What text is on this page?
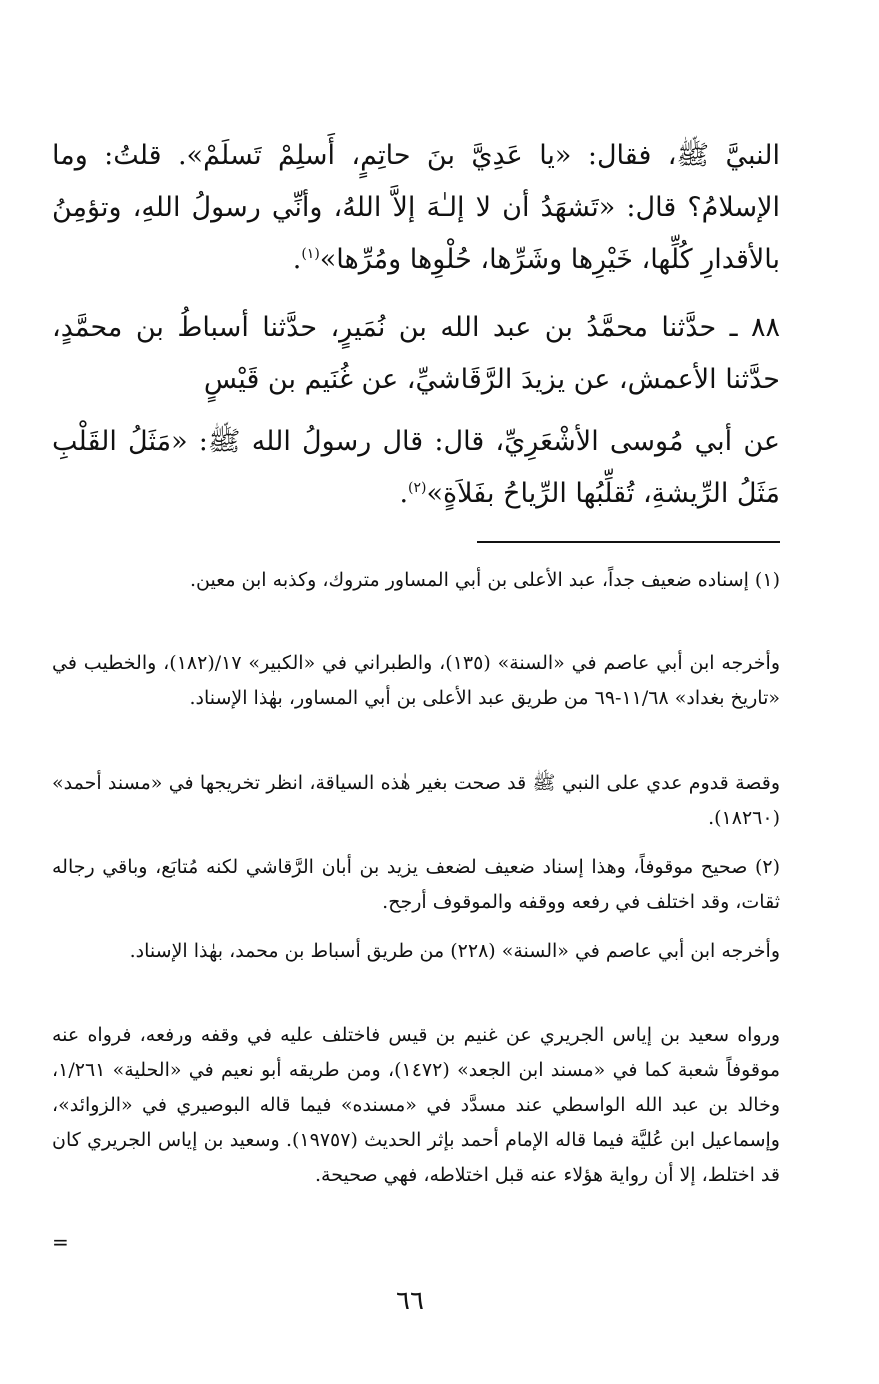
النبيَّ ﷺ، فقال: «يا عَدِيَّ بنَ حاتِمٍ، أَسلِمْ تَسلَمْ». قلتُ: وما الإسلامُ؟ قال: «تَشهَدُ أن لا إلـٰهَ إلاَّ اللهُ، وأنِّي رسولُ اللهِ، وتؤمِنُ بالأقدارِ كُلِّها، خَيْرِها وشَرِّها، حُلْوِها ومُرِّها»$^{(١)}$.
٨٨ ـ حدَّثنا محمَّدُ بن عبد الله بن نُمَيرٍ، حدَّثنا أسباطُ بن محمَّدٍ، حدَّثنا الأعمش، عن يزيدَ الرَّقَاشيِّ، عن غُنَيم بن قَيْسٍ
عن أبي مُوسى الأشْعَرِيِّ، قال: قال رسولُ الله ﷺ: «مَثَلُ القَلْبِ مَثَلُ الرِّيشةِ، تُقلِّبُها الرِّياحُ بفَلاَةٍ»$^{(٢)}$.
(١) إسناده ضعيف جداً، عبد الأعلى بن أبي المساور متروك، وكذبه ابن معين.
وأخرجه ابن أبي عاصم في «السنة» (١٣٥)، والطبراني في «الكبير» ١٧/(١٨٢)، والخطيب في «تاريخ بغداد» ١١/٦٨-٦٩ من طريق عبد الأعلى بن أبي المساور، بهٰذا الإسناد.
وقصة قدوم عدي على النبي ﷺ قد صحت بغير هٰذه السياقة، انظر تخريجها في «مسند أحمد» (١٨٢٦٠).
(٢) صحيح موقوفاً، وهذا إسناد ضعيف لضعف يزيد بن أبان الرَّقاشي لكنه مُتابَع، وباقي رجاله ثقات، وقد اختلف في رفعه ووقفه والموقوف أرجح.
وأخرجه ابن أبي عاصم في «السنة» (٢٢٨) من طريق أسباط بن محمد، بهٰذا الإسناد.
ورواه سعيد بن إياس الجريري عن غنيم بن قيس فاختلف عليه في وقفه ورفعه، فرواه عنه موقوفاً شعبة كما في «مسند ابن الجعد» (١٤٧٢)، ومن طريقه أبو نعيم في «الحلية» ١/٢٦١، وخالد بن عبد الله الواسطي عند مسدَّد في «مسنده» فيما قاله البوصيري في «الزوائد»، وإسماعيل ابن عُليَّة فيما قاله الإمام أحمد بإثر الحديث (١٩٧٥٧). وسعيد بن إياس الجريري كان قد اختلط، إلا أن رواية هؤلاء عنه قبل اختلاطه، فهي صحيحة.
=
٦٦
